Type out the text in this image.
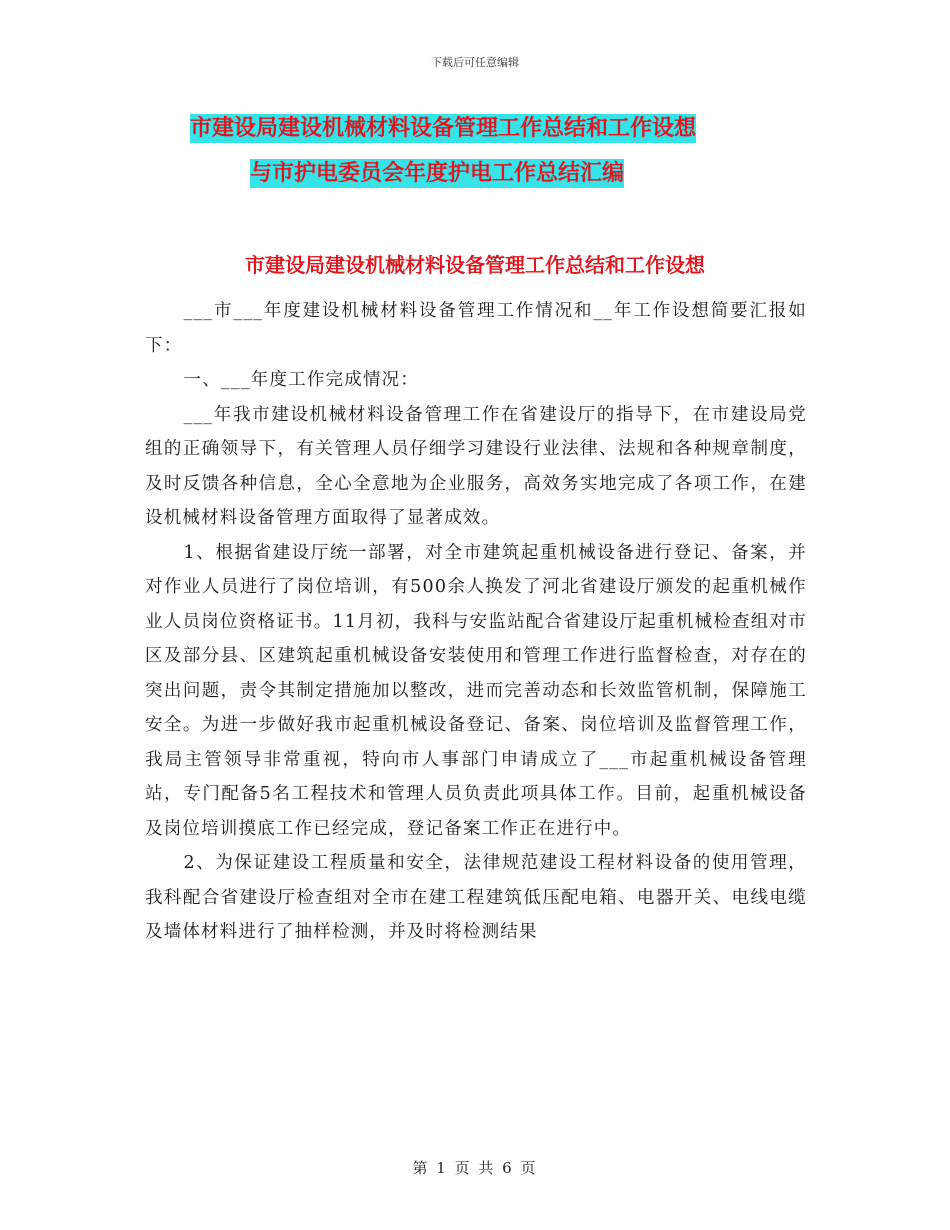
下载后可任意编辑
市建设局建设机械材料设备管理工作总结和工作设想
与市护电委员会年度护电工作总结汇编
市建设局建设机械材料设备管理工作总结和工作设想

___市___年度建设机械材料设备管理工作情况和__年工作设想简要汇报如下：

一、___年度工作完成情况：

___年我市建设机械材料设备管理工作在省建设厅的指导下，在市建设局党组的正确领导下，有关管理人员仔细学习建设行业法律、法规和各种规章制度，及时反馈各种信息，全心全意地为企业服务，高效务实地完成了各项工作，在建设机械材料设备管理方面取得了显著成效。

1、根据省建设厅统一部署，对全市建筑起重机械设备进行登记、备案，并对作业人员进行了岗位培训，有500余人换发了河北省建设厅颁发的起重机械作业人员岗位资格证书。11月初，我科与安监站配合省建设厅起重机械检查组对市区及部分县、区建筑起重机械设备安装使用和管理工作进行监督检查，对存在的突出问题，责令其制定措施加以整改，进而完善动态和长效监管机制，保障施工安全。为进一步做好我市起重机械设备登记、备案、岗位培训及监督管理工作，我局主管领导非常重视，特向市人事部门申请成立了___市起重机械设备管理站，专门配备5名工程技术和管理人员负责此项具体工作。目前，起重机械设备及岗位培训摸底工作已经完成，登记备案工作正在进行中。

2、为保证建设工程质量和安全，法律规范建设工程材料设备的使用管理，我科配合省建设厅检查组对全市在建工程建筑低压配电箱、电器开关、电线电缆及墙体材料进行了抽样检测，并及时将检测结果

第 1 页 共 6 页
